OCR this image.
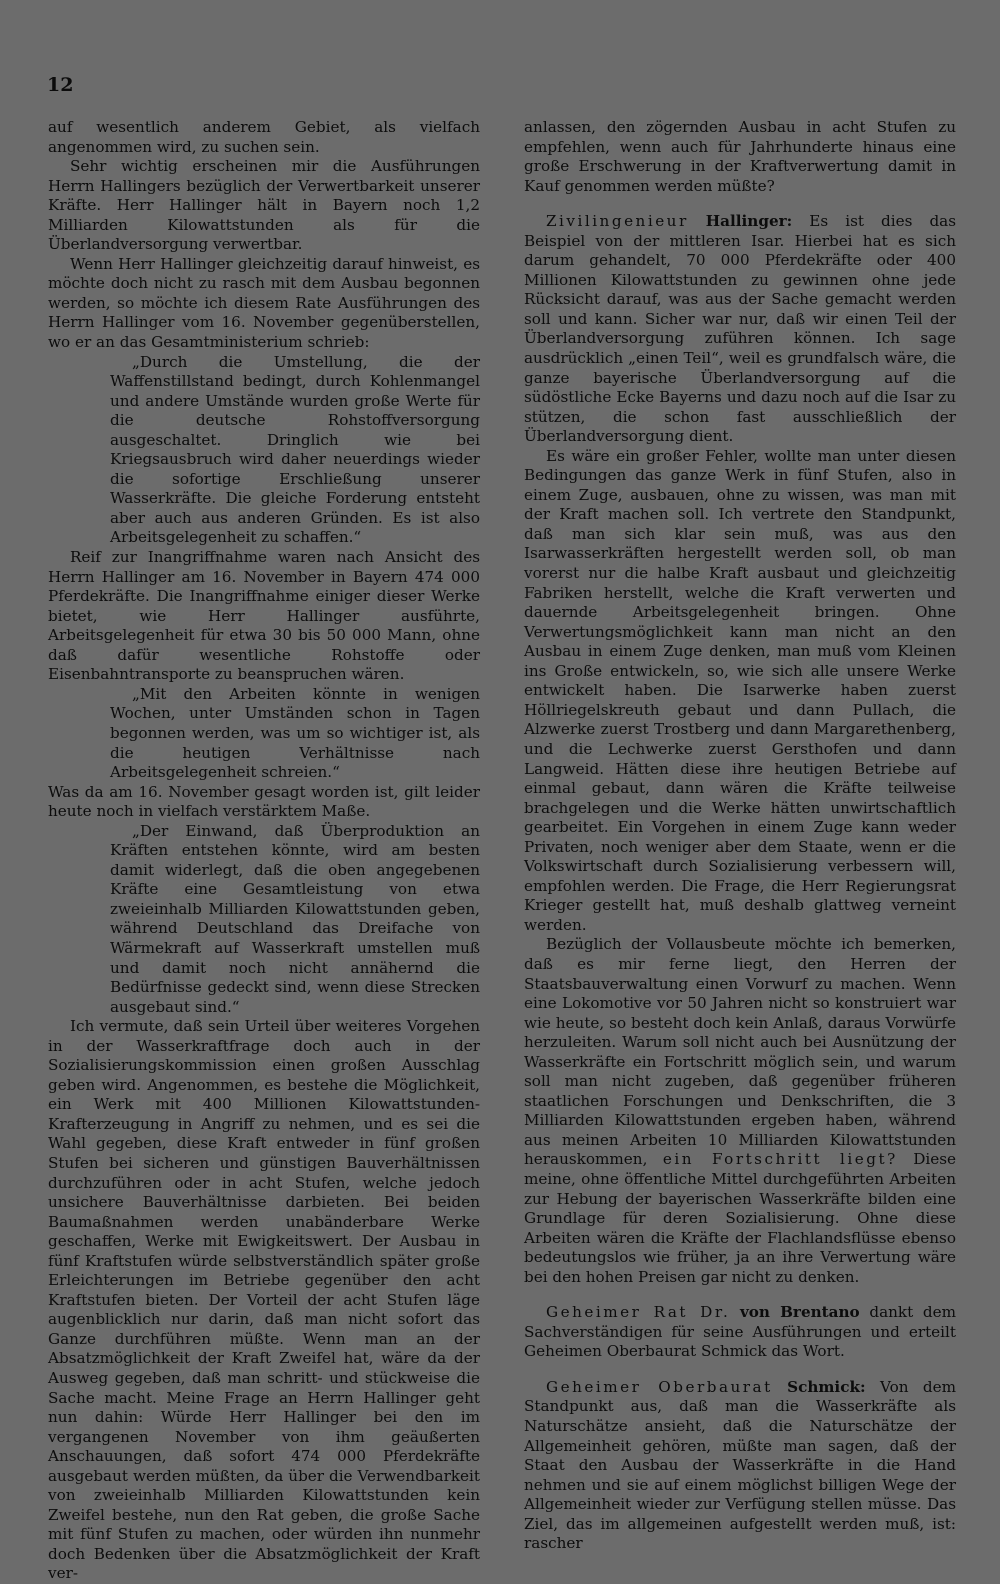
12

auf wesentlich anderem Gebiet, als vielfach angenommen wird, zu suchen sein.

Sehr wichtig erscheinen mir die Ausführungen Herrn Hallingers bezüglich der Verwertbarkeit unserer Kräfte. Herr Hallinger hält in Bayern noch 1,2 Milliarden Kilowattstunden als für die Überlandversorgung verwertbar.

Wenn Herr Hallinger gleichzeitig darauf hinweist, es möchte doch nicht zu rasch mit dem Ausbau begonnen werden, so möchte ich diesem Rate Ausführungen des Herrn Hallinger vom 16. November gegenüberstellen, wo er an das Gesamtministerium schrieb:

„Durch die Umstellung, die der Waffenstillstand bedingt, durch Kohlenmangel und andere Umstände wurden große Werte für die deutsche Rohstoffversorgung ausgeschaltet. Dringlich wie bei Kriegsausbruch wird daher neuerdings wieder die sofortige Erschließung unserer Wasserkräfte. Die gleiche Forderung entsteht aber auch aus anderen Gründen. Es ist also Arbeitsgelegenheit zu schaffen.“

Reif zur Inangriffnahme waren nach Ansicht des Herrn Hallinger am 16. November in Bayern 474 000 Pferdekräfte. Die Inangriffnahme einiger dieser Werke bietet, wie Herr Hallinger ausführte, Arbeitsgelegenheit für etwa 30 bis 50 000 Mann, ohne daß dafür wesentliche Rohstoffe oder Eisenbahntransporte zu beanspruchen wären.

„Mit den Arbeiten könnte in wenigen Wochen, unter Umständen schon in Tagen begonnen werden, was um so wichtiger ist, als die heutigen Verhältnisse nach Arbeitsgelegenheit schreien.“

Was da am 16. November gesagt worden ist, gilt leider heute noch in vielfach verstärktem Maße.

„Der Einwand, daß Überproduktion an Kräften entstehen könnte, wird am besten damit widerlegt, daß die oben angegebenen Kräfte eine Gesamtleistung von etwa zweieinhalb Milliarden Kilowattstunden geben, während Deutschland das Dreifache von Wärmekraft auf Wasserkraft umstellen muß und damit noch nicht annähernd die Bedürfnisse gedeckt sind, wenn diese Strecken ausgebaut sind.“

Ich vermute, daß sein Urteil über weiteres Vorgehen in der Wasserkraftfrage doch auch in der Sozialisierungskommission einen großen Ausschlag geben wird. Angenommen, es bestehe die Möglichkeit, ein Werk mit 400 Millionen Kilowattstunden-Krafterzeugung in Angriff zu nehmen, und es sei die Wahl gegeben, diese Kraft entweder in fünf großen Stufen bei sicheren und günstigen Bauverhältnissen durchzuführen oder in acht Stufen, welche jedoch unsichere Bauverhältnisse darbieten. Bei beiden Baumaßnahmen werden unabänderbare Werke geschaffen, Werke mit Ewigkeitswert. Der Ausbau in fünf Kraftstufen würde selbstverständlich später große Erleichterungen im Betriebe gegenüber den acht Kraftstufen bieten. Der Vorteil der acht Stufen läge augenblicklich nur darin, daß man nicht sofort das Ganze durchführen müßte. Wenn man an der Absatzmöglichkeit der Kraft Zweifel hat, wäre da der Ausweg gegeben, daß man schritt- und stückweise die Sache macht. Meine Frage an Herrn Hallinger geht nun dahin: Würde Herr Hallinger bei den im vergangenen November von ihm geäußerten Anschauungen, daß sofort 474 000 Pferdekräfte ausgebaut werden müßten, da über die Verwendbarkeit von zweieinhalb Milliarden Kilowattstunden kein Zweifel bestehe, nun den Rat geben, die große Sache mit fünf Stufen zu machen, oder würden ihn nunmehr doch Bedenken über die Absatzmöglichkeit der Kraft ver-

anlassen, den zögernden Ausbau in acht Stufen zu empfehlen, wenn auch für Jahrhunderte hinaus eine große Erschwerung in der Kraftverwertung damit in Kauf genommen werden müßte?

Zivilingenieur Hallinger: Es ist dies das Beispiel von der mittleren Isar. Hierbei hat es sich darum gehandelt, 70 000 Pferdekräfte oder 400 Millionen Kilowattstunden zu gewinnen ohne jede Rücksicht darauf, was aus der Sache gemacht werden soll und kann. Sicher war nur, daß wir einen Teil der Überlandversorgung zuführen können. Ich sage ausdrücklich „einen Teil“, weil es grundfalsch wäre, die ganze bayerische Überlandversorgung auf die südöstliche Ecke Bayerns und dazu noch auf die Isar zu stützen, die schon fast ausschließlich der Überlandversorgung dient.

Es wäre ein großer Fehler, wollte man unter diesen Bedingungen das ganze Werk in fünf Stufen, also in einem Zuge, ausbauen, ohne zu wissen, was man mit der Kraft machen soll. Ich vertrete den Standpunkt, daß man sich klar sein muß, was aus den Isarwasserkräften hergestellt werden soll, ob man vorerst nur die halbe Kraft ausbaut und gleichzeitig Fabriken herstellt, welche die Kraft verwerten und dauernde Arbeitsgelegenheit bringen. Ohne Verwertungsmöglichkeit kann man nicht an den Ausbau in einem Zuge denken, man muß vom Kleinen ins Große entwickeln, so, wie sich alle unsere Werke entwickelt haben. Die Isarwerke haben zuerst Höllriegelskreuth gebaut und dann Pullach, die Alzwerke zuerst Trostberg und dann Margarethenberg, und die Lechwerke zuerst Gersthofen und dann Langweid. Hätten diese ihre heutigen Betriebe auf einmal gebaut, dann wären die Kräfte teilweise brachgelegen und die Werke hätten unwirtschaftlich gearbeitet. Ein Vorgehen in einem Zuge kann weder Privaten, noch weniger aber dem Staate, wenn er die Volkswirtschaft durch Sozialisierung verbessern will, empfohlen werden. Die Frage, die Herr Regierungsrat Krieger gestellt hat, muß deshalb glattweg verneint werden.

Bezüglich der Vollausbeute möchte ich bemerken, daß es mir ferne liegt, den Herren der Staatsbauverwaltung einen Vorwurf zu machen. Wenn eine Lokomotive vor 50 Jahren nicht so konstruiert war wie heute, so besteht doch kein Anlaß, daraus Vorwürfe herzuleiten. Warum soll nicht auch bei Ausnützung der Wasserkräfte ein Fortschritt möglich sein, und warum soll man nicht zugeben, daß gegenüber früheren staatlichen Forschungen und Denkschriften, die 3 Milliarden Kilowattstunden ergeben haben, während aus meinen Arbeiten 10 Milliarden Kilowattstunden herauskommen, ein Fortschritt liegt? Diese meine, ohne öffentliche Mittel durchgeführten Arbeiten zur Hebung der bayerischen Wasserkräfte bilden eine Grundlage für deren Sozialisierung. Ohne diese Arbeiten wären die Kräfte der Flachlandsflüsse ebenso bedeutungslos wie früher, ja an ihre Verwertung wäre bei den hohen Preisen gar nicht zu denken.

Geheimer Rat Dr. von Brentano dankt dem Sachverständigen für seine Ausführungen und erteilt Geheimen Oberbaurat Schmick das Wort.

Geheimer Oberbaurat Schmick: Von dem Standpunkt aus, daß man die Wasserkräfte als Naturschätze ansieht, daß die Naturschätze der Allgemeinheit gehören, müßte man sagen, daß der Staat den Ausbau der Wasserkräfte in die Hand nehmen und sie auf einem möglichst billigen Wege der Allgemeinheit wieder zur Verfügung stellen müsse. Das Ziel, das im allgemeinen aufgestellt werden muß, ist: rascher
